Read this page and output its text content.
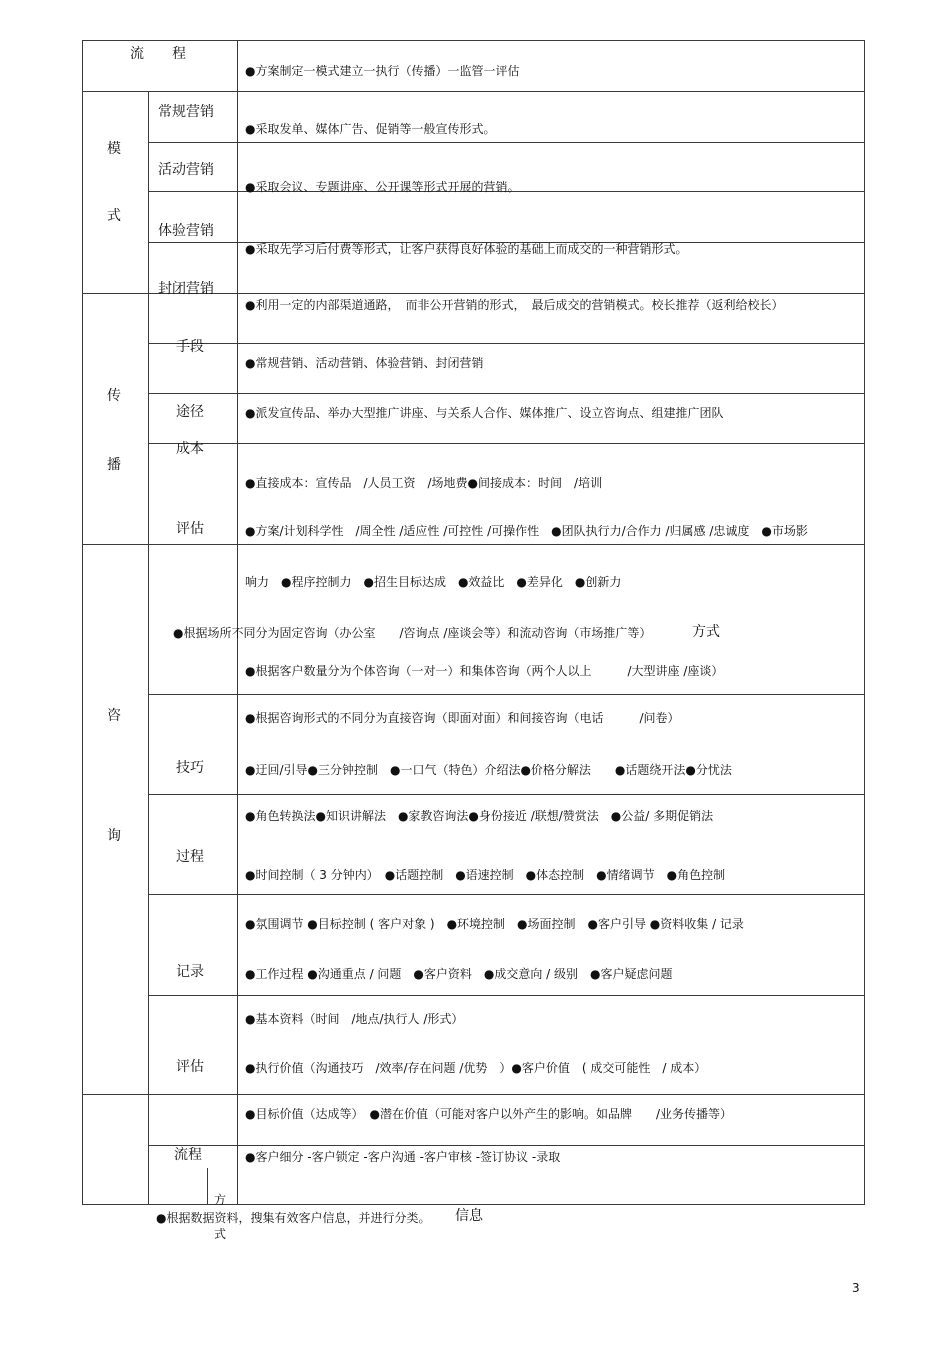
流　　程
模
式
常规营销
活动营销
体验营销
封闭营销
手段
传
播
途径
成本
评估
咨
询
技巧
过程
记录
评估
流程
方
式
●方案制定一模式建立一执行（传播）一监管一评估
●采取发单、媒体广告、促销等一般宣传形式。
●采取会议、专题讲座、公开课等形式开展的营销。
●采取先学习后付费等形式，让客户获得良好体验的基础上而成交的一种营销形式。
●利用一定的内部渠道通路，　而非公开营销的形式，　最后成交的营销模式。校长推荐（返利给校长）
●常规营销、活动营销、体验营销、封闭营销
●派发宣传品、举办大型推广讲座、与关系人合作、媒体推广、设立咨询点、组建推广团队
●直接成本：宣传品　/人员工资　/场地费●间接成本：时间　/培训
●方案/计划科学性　/周全性 /适应性 /可控性 /可操作性　●团队执行力/合作力 /归属感 /忠诚度　●市场影
响力　●程序控制力　●招生目标达成　●效益比　●差异化　●创新力
●根据场所不同分为固定咨询（办公室　　/咨询点 /座谈会等）和流动咨询（市场推广等）	方式
●根据客户数量分为个体咨询（一对一）和集体咨询（两个人以上　　　/大型讲座 /座谈）
●根据咨询形式的不同分为直接咨询（即面对面）和间接咨询（电话　　　/问卷）
●迂回/引导●三分钟控制　●一口气（特色）介绍法●价格分解法　　●话题绕开法●分忧法
●角色转换法●知识讲解法　●家教咨询法●身份接近 /联想/赞赏法　●公益/ 多期促销法
●时间控制（ 3 分钟内）　●话题控制　●语速控制　●体态控制　●情绪调节　●角色控制
●氛围调节 ●目标控制 ( 客户对象 )　●环境控制　●场面控制　●客户引导 ●资料收集 / 记录
●工作过程 ●沟通重点 / 问题　●客户资料　●成交意向 / 级别　●客户疑虑问题
●基本资料（时间　/地点/执行人 /形式）
●执行价值（沟通技巧　/效率/存在问题 /优势　）●客户价值　( 成交可能性　/ 成本）
●目标价值（达成等）　●潜在价值（可能对客户以外产生的影响。如品牌　　/业务传播等）
●客户细分 -客户锁定 -客户沟通 -客户审核 -签订协议 -录取
●根据数据资料，搜集有效客户信息，并进行分类。 信息
3
